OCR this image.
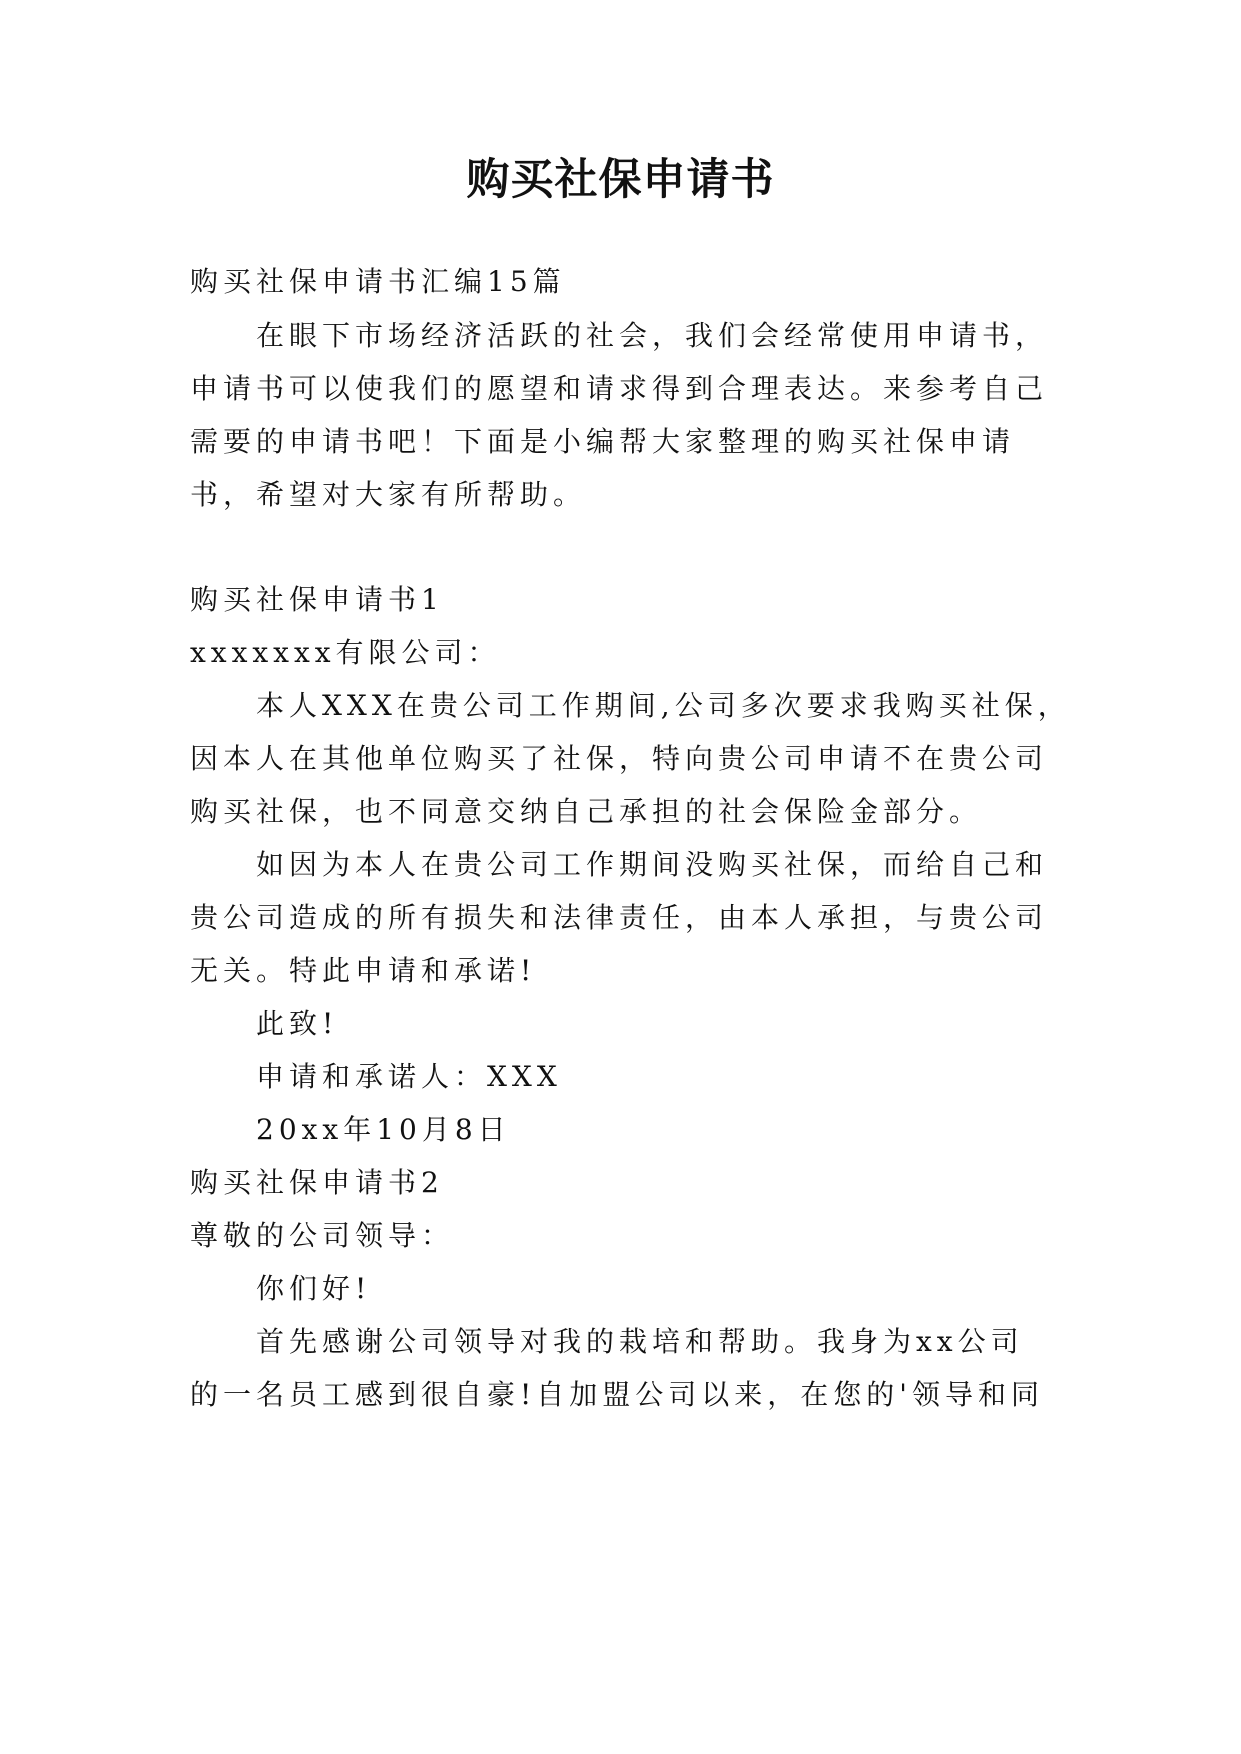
购买社保申请书
购买社保申请书汇编15篇
在眼下市场经济活跃的社会，我们会经常使用申请书，
申请书可以使我们的愿望和请求得到合理表达。来参考自己
需要的申请书吧！下面是小编帮大家整理的购买社保申请
书，希望对大家有所帮助。
购买社保申请书1
xxxxxxx有限公司：
本人XXX在贵公司工作期间,公司多次要求我购买社保，
因本人在其他单位购买了社保，特向贵公司申请不在贵公司
购买社保，也不同意交纳自己承担的社会保险金部分。
如因为本人在贵公司工作期间没购买社保，而给自己和
贵公司造成的所有损失和法律责任，由本人承担，与贵公司
无关。特此申请和承诺!
此致!
申请和承诺人：XXX
20xx年10月8日
购买社保申请书2
尊敬的公司领导：
你们好!
首先感谢公司领导对我的栽培和帮助。我身为xx公司
的一名员工感到很自豪!自加盟公司以来，在您的'领导和同
